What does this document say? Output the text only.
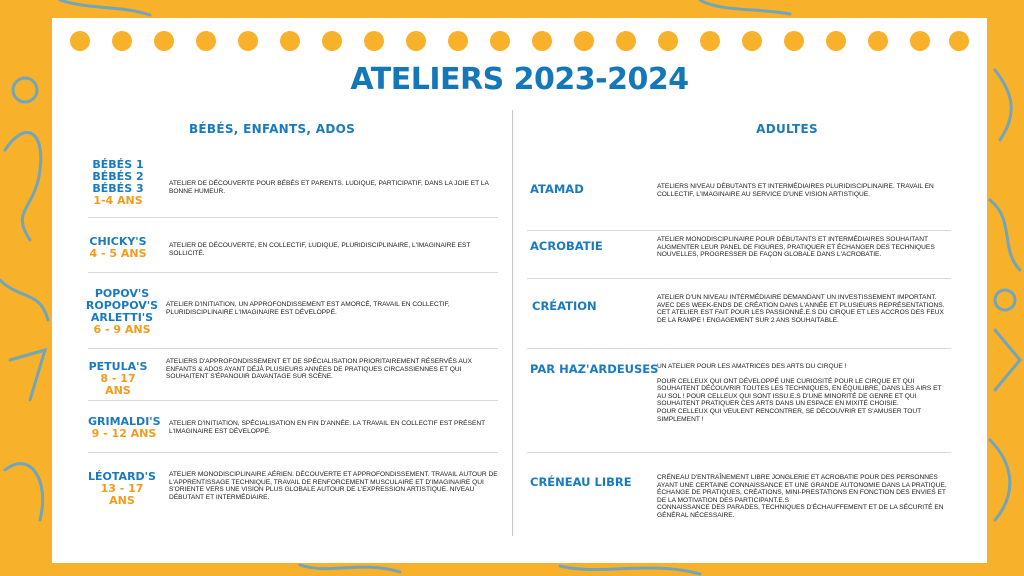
ATELIERS 2023-2024
BÉBÉS, ENFANTS, ADOS	ADULTES
BÉBÉS 1
BÉBÉS 2
BÉBÉS 3
1-4 ANS
ATELIER DE DÉCOUVERTE POUR BÉBÉS ET PARENTS. LUDIQUE, PARTICIPATIF, DANS LA JOIE ET LA BONNE HUMEUR.
CHICKY'S
4 - 5 ANS
ATELIER DE DÉCOUVERTE, EN COLLECTIF, LUDIQUE, PLURIDISCIPLINAIRE, L'IMAGINAIRE EST SOLLICITÉ.
POPOV'S
ROPOPOV'S
ARLETTI'S
6 - 9 ANS
ATELIER D'INITIATION, UN APPROFONDISSEMENT EST AMORCÉ, TRAVAIL EN COLLECTIF, PLURIDISCIPLINAIRE L'IMAGINAIRE EST DÉVELOPPÉ.
PETULA'S
8 - 17 ANS
ATELIERS D'APPROFONDISSEMENT ET DE SPÉCIALISATION PRIORITAIREMENT RÉSERVÉS AUX ENFANTS & ADOS AYANT DÉJÀ PLUSIEURS ANNÉES DE PRATIQUES CIRCASSIENNES ET QUI SOUHAITENT S'ÉPANOUIR DAVANTAGE SUR SCÈNE.
GRIMALDI'S
9 - 12 ANS
ATELIER D'INITIATION, SPÉCIALISATION EN FIN D'ANNÉE. LA TRAVAIL EN COLLECTIF EST PRÉSENT L'IMAGINAIRE EST DÉVELOPPÉ.
LÉOTARD'S
13 - 17 ANS
ATELIER MONODISCIPLINAIRE AÉRIEN. DÉCOUVERTE ET APPROFONDISSEMENT. TRAVAIL AUTOUR DE L'APPRENTISSAGE TECHNIQUE, TRAVAIL DE RENFORCEMENT MUSCULAIRE ET D'IMAGINAIRE QUI S'ORIENTE VERS UNE VISION PLUS GLOBALE AUTOUR DE L'EXPRESSION ARTISTIQUE. NIVEAU DÉBUTANT ET INTERMÉDIAIRE.
ATAMAD	ATELIERS NIVEAU DÉBUTANTS ET INTERMÉDIAIRES PLURIDISCIPLINAIRE. TRAVAIL EN COLLECTIF, L'IMAGINAIRE AU SERVICE D'UNE VISION ARTISTIQUE.
ACROBATIE	ATELIER MONODISCIPLINAIRE POUR DÉBUTANTS ET INTERMÉDIAIRES SOUHAITANT AUGMENTER LEUR PANEL DE FIGURES, PRATIQUER ET ÉCHANGER DES TECHNIQUES NOUVELLES, PROGRESSER DE FAÇON GLOBALE DANS L'ACROBATIE.
CRÉATION
ATELIER D'UN NIVEAU INTERMÉDIAIRE DEMANDANT UN INVESTISSEMENT IMPORTANT. AVEC DES WEEK-ENDS DE CRÉATION DANS L'ANNÉE ET PLUSIEURS REPRÉSENTATIONS. CET ATELIER EST FAIT POUR LES PASSIONNÉ.E.S DU CIRQUE ET LES ACCROS DES FEUX DE LA RAMPE ! ENGAGEMENT SUR 2 ANS SOUHAITABLE.
PAR HAZ'ARDEUSES

UN ATELIER POUR LES AMATRICES DES ARTS DU CIRQUE !

POUR CELLEUX QUI ONT DÉVELOPPÉ UNE CURIOSITÉ POUR LE CIRQUE ET QUI SOUHAITENT DÉCOUVRIR TOUTES LES TECHNIQUES, EN ÉQUILIBRE, DANS LES AIRS ET AU SOL ! POUR CELLEUX QUI SONT ISSU.E.S D'UNE MINORITÉ DE GENRE ET QUI SOUHAITENT PRATIQUER CES ARTS DANS UN ESPACE EN MIXITÉ CHOISIE.

POUR CELLEUX QUI VEULENT RENCONTRER, SE DÉCOUVRIR ET S'AMUSER TOUT SIMPLEMENT !

CRÉNEAU LIBRE	CRÉNEAU D'ENTRAÎNEMENT LIBRE JONGLERIE ET ACROBATIE POUR DES PERSONNES AYANT UNE CERTAINE CONNAISSANCE ET UNE GRANDE AUTONOMIE DANS LA PRATIQUE. ÉCHANGE DE PRATIQUES, CRÉATIONS, MINI-PRESTATIONS EN FONCTION DES ENVIES ET DE LA MOTIVATION DES PARTICIPANT.E.S

CONNAISSANCE DES PARADES, TECHNIQUES D'ÉCHAUFFEMENT ET DE LA SÉCURITÉ EN GÉNÉRAL NÉCESSAIRE.
